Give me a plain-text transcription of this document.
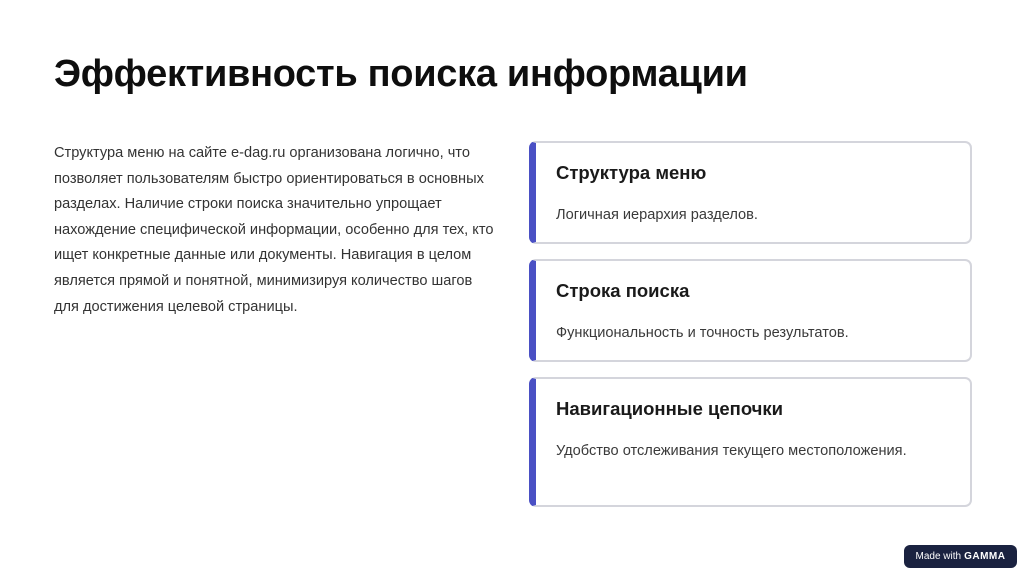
Эффективность поиска информации

Структура меню на сайте e-dag.ru организована логично, что позволяет пользователям быстро ориентироваться в основных разделах. Наличие строки поиска значительно упрощает нахождение специфической информации, особенно для тех, кто ищет конкретные данные или документы. Навигация в целом является прямой и понятной, минимизируя количество шагов для достижения целевой страницы.

Структура меню

Логичная иерархия разделов.

Строка поиска

Функциональность и точность результатов.

Навигационные цепочки

Удобство отслеживания текущего местоположения.

Made with GAMMA
